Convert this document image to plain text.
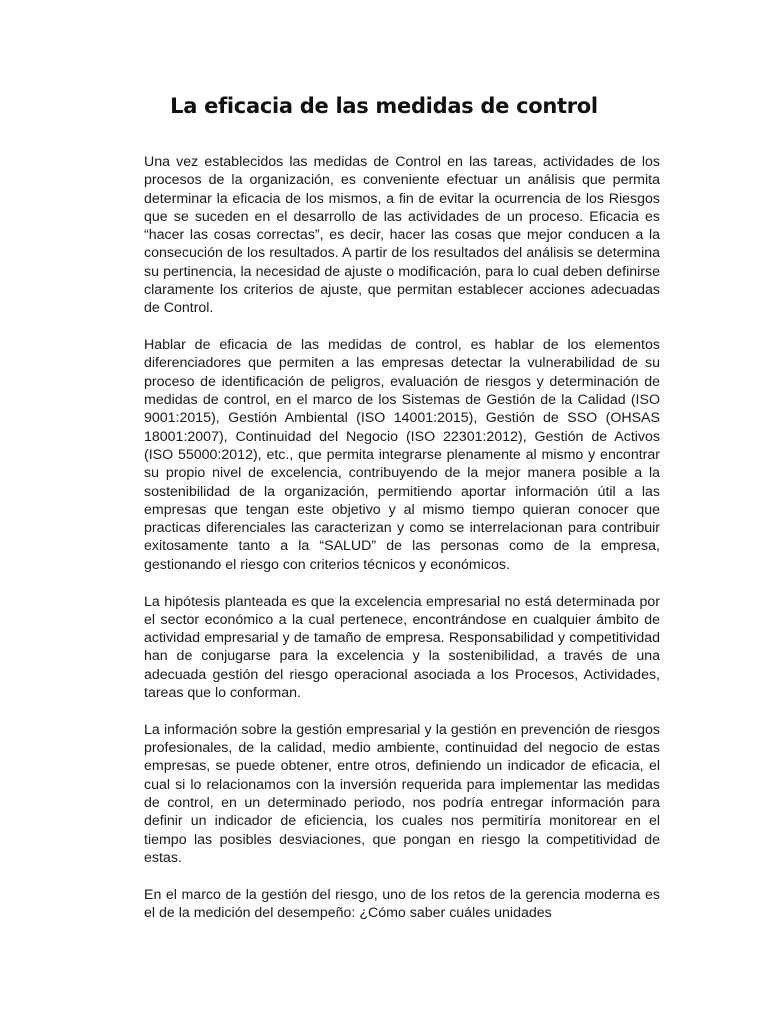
La eficacia de las medidas de control

Una vez establecidos las medidas de Control en las tareas, actividades de los procesos de la organización, es conveniente efectuar un análisis que permita determinar la eficacia de los mismos, a fin de evitar la ocurrencia de los Riesgos que se suceden en el desarrollo de las actividades de un proceso. Eficacia es “hacer las cosas correctas”, es decir, hacer las cosas que mejor conducen a la consecución de los resultados. A partir de los resultados del análisis se determina su pertinencia, la necesidad de ajuste o modificación, para lo cual deben definirse claramente los criterios de ajuste, que permitan establecer acciones adecuadas de Control.

Hablar de eficacia de las medidas de control, es hablar de los elementos diferenciadores que permiten a las empresas detectar la vulnerabilidad de su proceso de identificación de peligros, evaluación de riesgos y determinación de medidas de control, en el marco de los Sistemas de Gestión de la Calidad (ISO 9001:2015), Gestión Ambiental (ISO 14001:2015), Gestión de SSO (OHSAS 18001:2007), Continuidad del Negocio (ISO 22301:2012), Gestión de Activos (ISO 55000:2012), etc., que permita integrarse plenamente al mismo y encontrar su propio nivel de excelencia, contribuyendo de la mejor manera posible a la sostenibilidad de la organización, permitiendo aportar información útil a las empresas que tengan este objetivo y al mismo tiempo quieran conocer que practicas diferenciales las caracterizan y como se interrelacionan para contribuir exitosamente tanto a la “SALUD” de las personas como de la empresa, gestionando el riesgo con criterios técnicos y económicos.

La hipótesis planteada es que la excelencia empresarial no está determinada por el sector económico a la cual pertenece, encontrándose en cualquier ámbito de actividad empresarial y de tamaño de empresa. Responsabilidad y competitividad han de conjugarse para la excelencia y la sostenibilidad, a través de una adecuada gestión del riesgo operacional asociada a los Procesos, Actividades, tareas que lo conforman.

La información sobre la gestión empresarial y la gestión en prevención de riesgos profesionales, de la calidad, medio ambiente, continuidad del negocio de estas empresas, se puede obtener, entre otros, definiendo un indicador de eficacia, el cual si lo relacionamos con la inversión requerida para implementar las medidas de control, en un determinado periodo, nos podría entregar información para definir un indicador de eficiencia, los cuales nos permitiría monitorear en el tiempo las posibles desviaciones, que pongan en riesgo la competitividad de estas.

En el marco de la gestión del riesgo, uno de los retos de la gerencia moderna es el de la medición del desempeño: ¿Cómo saber cuáles unidades
